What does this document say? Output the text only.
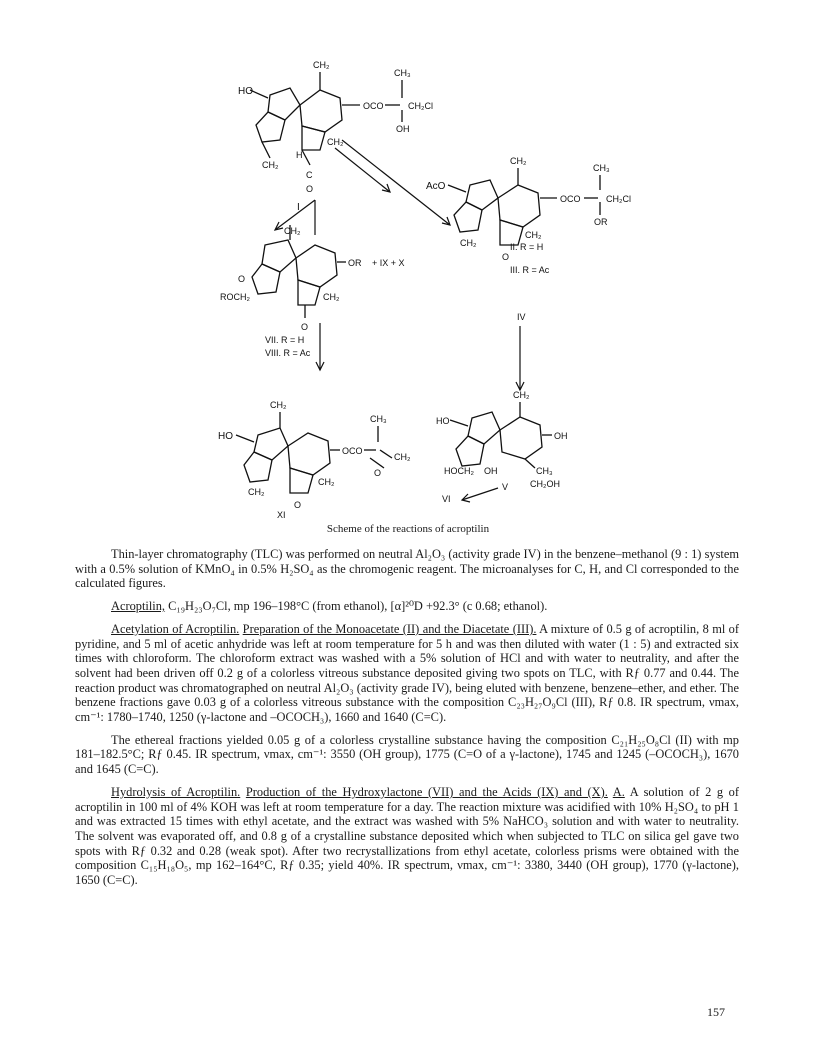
HO
CH₂
OCO
CH₃
CH₂Cl
OH
CH₂
CH₂
C
O
H
I
AcO
CH₂
OCO
CH₃
CH₂Cl
OR
CH₂
CH₂
O
II. R = H
III. R = Ac
IV
CH₂
OR + IX + X
O
ROCH₂	CH₂
O
VII. R = H
VIII. R = Ac
HO
CH₂
OCO
CH₃
CH₂
O
CH₂
CH₂
O
XI
HO
CH₂
OH
HOCH₂ OH	CH₃
CH₂OH
V
VI
Scheme of the reactions of acroptilin

Thin-layer chromatography (TLC) was performed on neutral Al₂O₃ (activity grade IV) in the benzene–methanol (9 : 1) system with a 0.5% solution of KMnO₄ in 0.5% H₂SO₄ as the chromogenic reagent. The microanalyses for C, H, and Cl corresponded to the calculated figures.

Acroptilin, C₁₉H₂₃O₇Cl, mp 196–198°C (from ethanol), [α]²⁰D +92.3° (c 0.68; ethanol).

Acetylation of Acroptilin. Preparation of the Monoacetate (II) and the Diacetate (III). A mixture of 0.5 g of acroptilin, 8 ml of pyridine, and 5 ml of acetic anhydride was left at room temperature for 5 h and was then diluted with water (1 : 5) and extracted six times with chloroform. The chloroform extract was washed with a 5% solution of HCl and with water to neutrality, and after the solvent had been driven off 0.2 g of a colorless vitreous substance deposited giving two spots on TLC, with Rƒ 0.77 and 0.44. The reaction product was chromatographed on neutral Al₂O₃ (activity grade IV), being eluted with benzene, benzene–ether, and ether. The benzene fractions gave 0.03 g of a colorless vitreous substance with the composition C₂₃H₂₇O₉Cl (III), Rƒ 0.8. IR spectrum, νmax, cm⁻¹: 1780–1740, 1250 (γ-lactone and –OCOCH₃), 1660 and 1640 (C=C).

The ethereal fractions yielded 0.05 g of a colorless crystalline substance having the composition C₂₁H₂₅O₈Cl (II) with mp 181–182.5°C; Rƒ 0.45. IR spectrum, νmax, cm⁻¹: 3550 (OH group), 1775 (C=O of a γ-lactone), 1745 and 1245 (–OCOCH₃), 1670 and 1645 (C=C).

Hydrolysis of Acroptilin. Production of the Hydroxylactone (VII) and the Acids (IX) and (X). A. A solution of 2 g of acroptilin in 100 ml of 4% KOH was left at room temperature for a day. The reaction mixture was acidified with 10% H₂SO₄ to pH 1 and was extracted 15 times with ethyl acetate, and the extract was washed with 5% NaHCO₃ solution and with water to neutrality. The solvent was evaporated off, and 0.8 g of a crystalline substance deposited which when subjected to TLC on silica gel gave two spots with Rƒ 0.32 and 0.28 (weak spot). After two recrystallizations from ethyl acetate, colorless prisms were obtained with the composition C₁₅H₁₈O₅, mp 162–164°C, Rƒ 0.35; yield 40%. IR spectrum, νmax, cm⁻¹: 3380, 3440 (OH group), 1770 (γ-lactone), 1650 (C=C).

157
